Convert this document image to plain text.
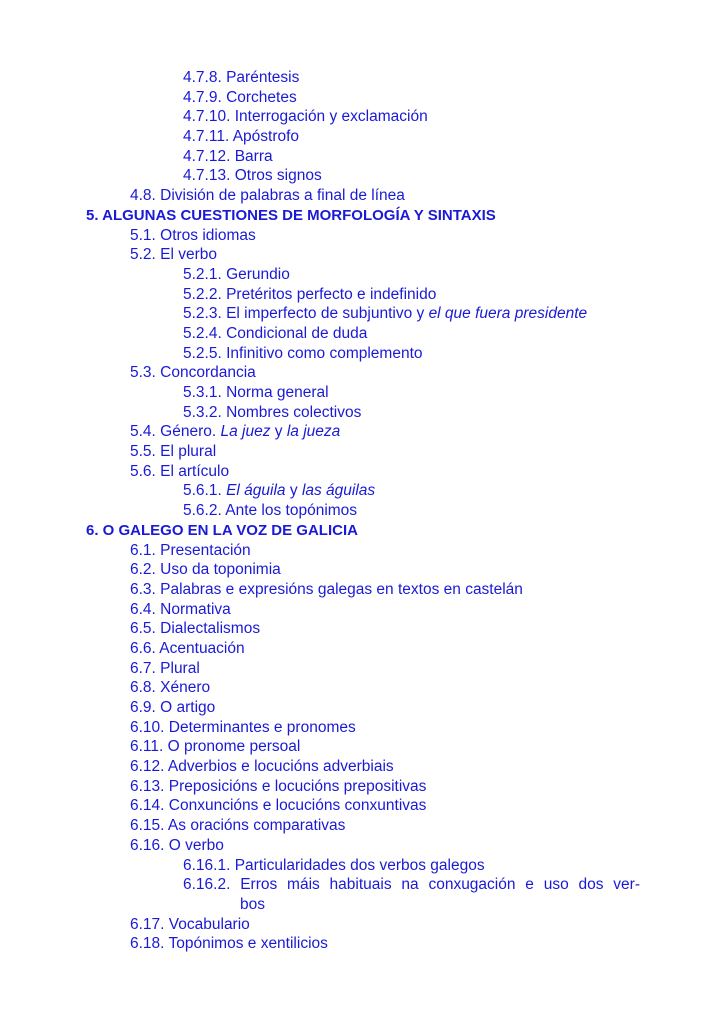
4.7.8. Paréntesis
4.7.9. Corchetes
4.7.10. Interrogación y exclamación
4.7.11. Apóstrofo
4.7.12. Barra
4.7.13. Otros signos
4.8. División de palabras a final de línea
5. ALGUNAS CUESTIONES DE MORFOLOGÍA Y SINTAXIS
5.1. Otros idiomas
5.2. El verbo
5.2.1. Gerundio
5.2.2. Pretéritos perfecto e indefinido
5.2.3. El imperfecto de subjuntivo y el que fuera presidente
5.2.4. Condicional de duda
5.2.5. Infinitivo como complemento
5.3. Concordancia
5.3.1. Norma general
5.3.2. Nombres colectivos
5.4. Género. La juez y la jueza
5.5. El plural
5.6. El artículo
5.6.1. El águila y las águilas
5.6.2. Ante los topónimos
6. O GALEGO EN LA VOZ DE GALICIA
6.1. Presentación
6.2. Uso da toponimia
6.3. Palabras e expresións galegas en textos en castelán
6.4. Normativa
6.5. Dialectalismos
6.6. Acentuación
6.7. Plural
6.8. Xénero
6.9. O artigo
6.10. Determinantes e pronomes
6.11. O pronome persoal
6.12. Adverbios e locucións adverbiais
6.13. Preposicións e locucións prepositivas
6.14. Conxuncións e locucións conxuntivas
6.15. As oracións comparativas
6.16. O verbo
6.16.1. Particularidades dos verbos galegos
6.16.2. Erros máis habituais na conxugación e uso dos ver-
bos
6.17. Vocabulario
6.18. Topónimos e xentilicios
